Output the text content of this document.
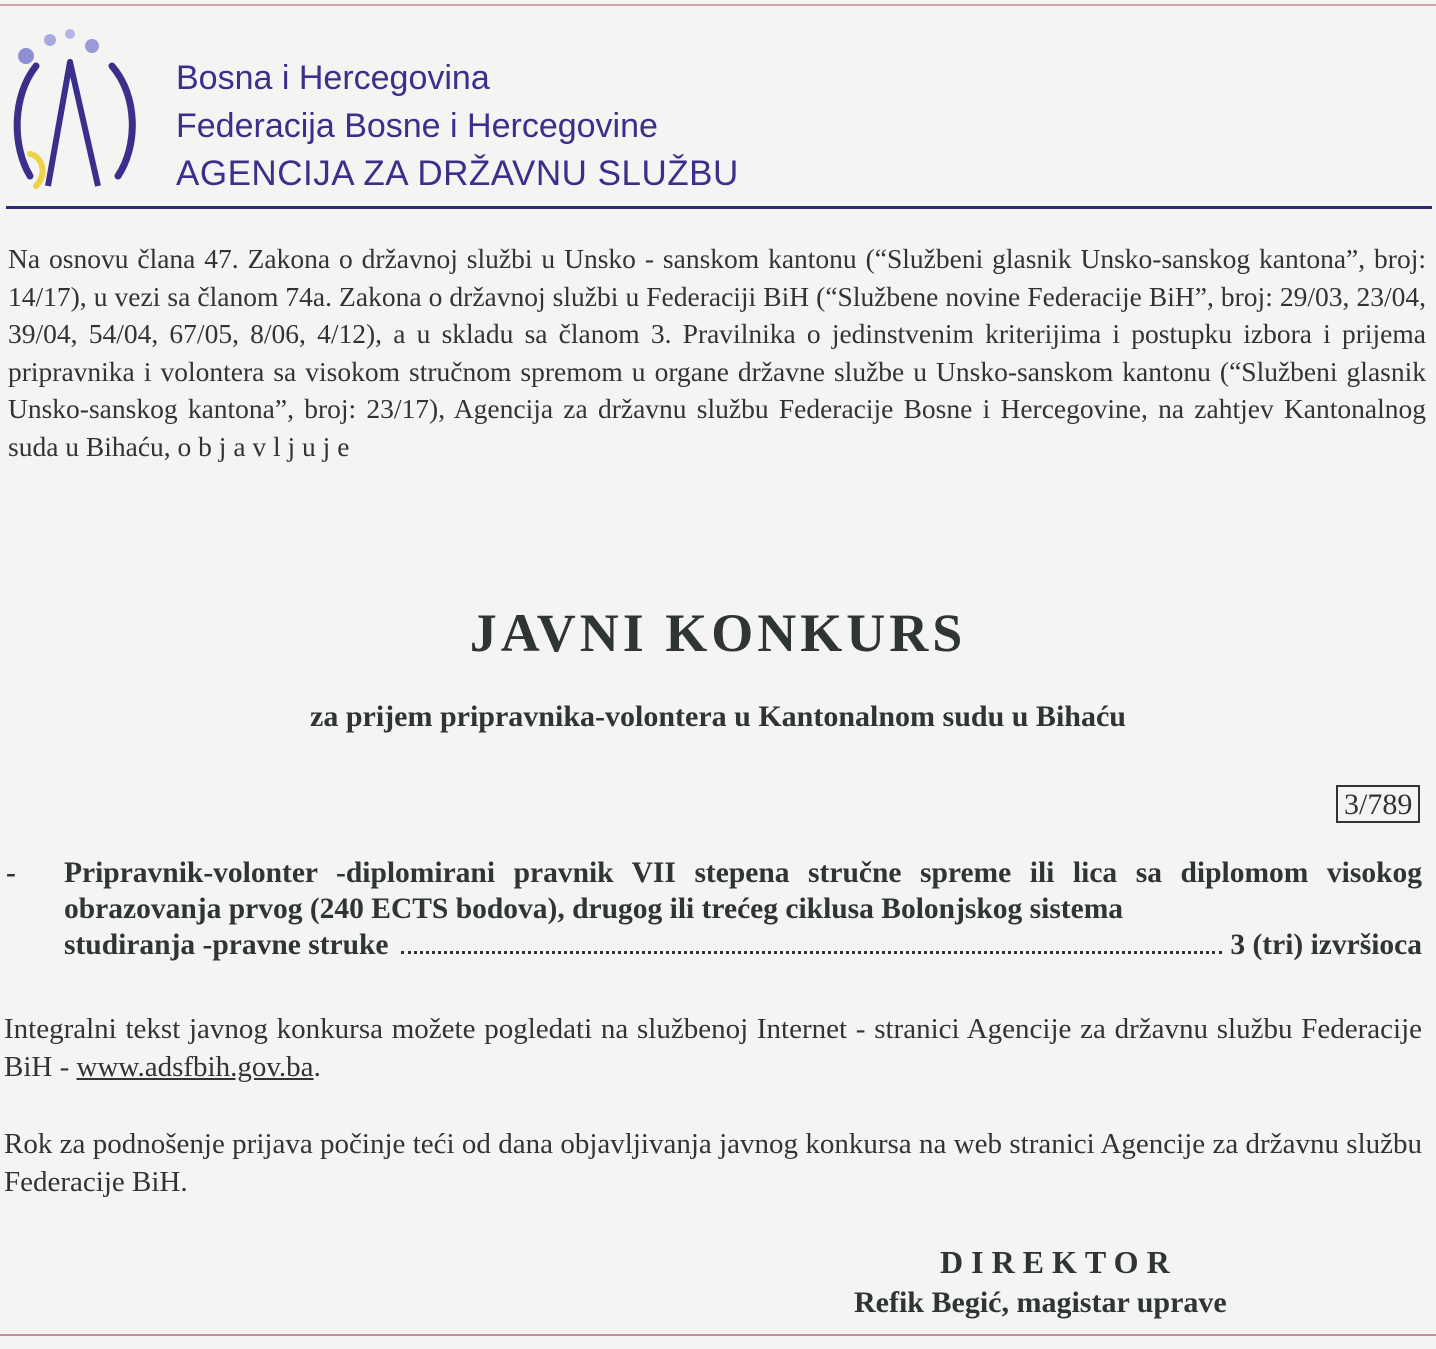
Bosna i Hercegovina
Federacija Bosne i Hercegovine
AGENCIJA ZA DRŽAVNU SLUŽBU
Na osnovu člana 47. Zakona o državnoj službi u Unsko - sanskom kantonu (“Službeni glasnik Unsko-sanskog kantona”, broj: 14/17), u vezi sa članom 74a. Zakona o državnoj službi u Federaciji BiH (“Službene novine Federacije BiH”, broj: 29/03, 23/04, 39/04, 54/04, 67/05, 8/06, 4/12), a u skladu sa članom 3. Pravilnika o jedinstvenim kriterijima i postupku izbora i prijema pripravnika i volontera sa visokom stručnom spremom u organe državne službe u Unsko-sanskom kantonu (“Službeni glasnik Unsko-sanskog kantona”, broj: 23/17), Agencija za državnu službu Federacije Bosne i Hercegovine, na zahtjev Kantonalnog suda u Bihaću, o b j a v l j u j e
JAVNI KONKURS
za prijem pripravnika-volontera u Kantonalnom sudu u Bihaću
3/789
- Pripravnik-volonter -diplomirani pravnik VII stepena stručne spreme ili lica sa diplomom visokog obrazovanja prvog (240 ECTS bodova), drugog ili trećeg ciklusa Bolonjskog sistema
studiranja -pravne struke	3 (tri) izvršioca
Integralni tekst javnog konkursa možete pogledati na službenoj Internet - stranici Agencije za državnu službu Federacije BiH - www.adsfbih.gov.ba.
Rok za podnošenje prijava počinje teći od dana objavljivanja javnog konkursa na web stranici Agencije za državnu službu Federacije BiH.
DIREKTOR
Refik Begić, magistar uprave
